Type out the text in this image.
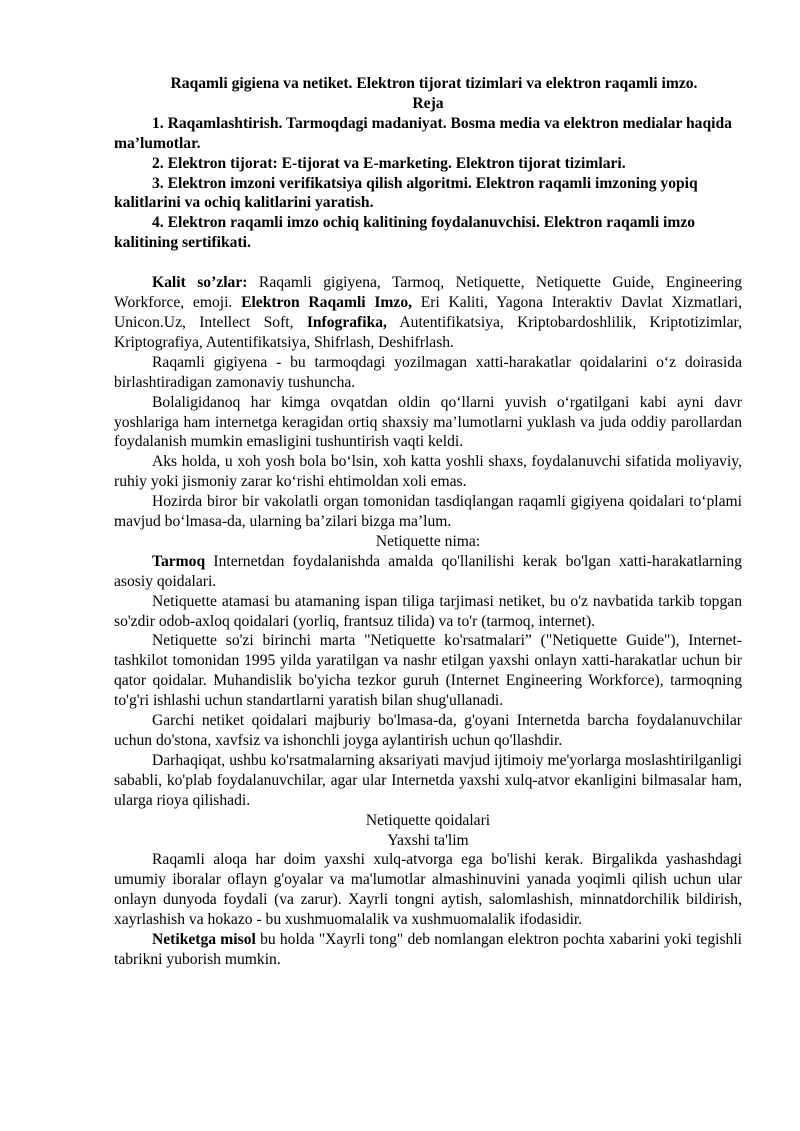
Raqamli gigiena va netiket. Elektron tijorat tizimlari va elektron raqamli imzo.
Reja
1. Raqamlashtirish. Tarmoqdagi madaniyat. Bosma media va elektron medialar haqida ma’lumotlar.
2. Elektron tijorat: E-tijorat va E-marketing. Elektron tijorat tizimlari.
3. Elektron imzoni verifikatsiya qilish algoritmi. Elektron raqamli imzoning yopiq kalitlarini va ochiq kalitlarini yaratish.
4. Elektron raqamli imzo ochiq kalitining foydalanuvchisi. Elektron raqamli imzo kalitining sertifikati.
Kalit so’zlar: Raqamli gigiyena, Tarmoq, Netiquette, Netiquette Guide, Engineering Workforce, emoji. Elektron Raqamli Imzo, Eri Kaliti, Yagona Interaktiv Davlat Xizmatlari, Unicon.Uz, Intellect Soft, Infografika, Autentifikatsiya, Kriptobardoshlilik, Kriptotizimlar, Kriptografiya, Autentifikatsiya, Shifrlash, Deshifrlash.
Raqamli gigiyena - bu tarmoqdagi yozilmagan xatti-harakatlar qoidalarini o‘z doirasida birlashtiradigan zamonaviy tushuncha.
Bolaligidanoq har kimga ovqatdan oldin qo‘llarni yuvish o‘rgatilgani kabi ayni davr yoshlariga ham internetga keragidan ortiq shaxsiy ma’lumotlarni yuklash va juda oddiy parollardan foydalanish mumkin emasligini tushuntirish vaqti keldi.
Aks holda, u xoh yosh bola bo‘lsin, xoh katta yoshli shaxs, foydalanuvchi sifatida moliyaviy, ruhiy yoki jismoniy zarar ko‘rishi ehtimoldan xoli emas.
Hozirda biror bir vakolatli organ tomonidan tasdiqlangan raqamli gigiyena qoidalari to‘plami mavjud bo‘lmasa-da, ularning ba’zilari bizga ma’lum.
Netiquette nima:
Tarmoq Internetdan foydalanishda amalda qo'llanilishi kerak bo'lgan xatti-harakatlarning asosiy qoidalari.
Netiquette atamasi bu atamaning ispan tiliga tarjimasi netiket, bu o'z navbatida tarkib topgan so'zdir odob-axloq qoidalari (yorliq, frantsuz tilida) va to'r (tarmoq, internet).
Netiquette so'zi birinchi marta "Netiquette ko'rsatmalari” ("Netiquette Guide"), Internet-tashkilot tomonidan 1995 yilda yaratilgan va nashr etilgan yaxshi onlayn xatti-harakatlar uchun bir qator qoidalar. Muhandislik bo'yicha tezkor guruh (Internet Engineering Workforce), tarmoqning to'g'ri ishlashi uchun standartlarni yaratish bilan shug'ullanadi.
Garchi netiket qoidalari majburiy bo'lmasa-da, g'oyani Internetda barcha foydalanuvchilar uchun do'stona, xavfsiz va ishonchli joyga aylantirish uchun qo'llashdir.
Darhaqiqat, ushbu ko'rsatmalarning aksariyati mavjud ijtimoiy me'yorlarga moslashtirilganligi sababli, ko'plab foydalanuvchilar, agar ular Internetda yaxshi xulq-atvor ekanligini bilmasalar ham, ularga rioya qilishadi.
Netiquette qoidalari
Yaxshi ta'lim
Raqamli aloqa har doim yaxshi xulq-atvorga ega bo'lishi kerak. Birgalikda yashashdagi umumiy iboralar oflayn g'oyalar va ma'lumotlar almashinuvini yanada yoqimli qilish uchun ular onlayn dunyoda foydali (va zarur). Xayrli tongni aytish, salomlashish, minnatdorchilik bildirish, xayrlashish va hokazo - bu xushmuomalalik va xushmuomalalik ifodasidir.
Netiketga misol bu holda "Xayrli tong" deb nomlangan elektron pochta xabarini yoki tegishli tabrikni yuborish mumkin.
